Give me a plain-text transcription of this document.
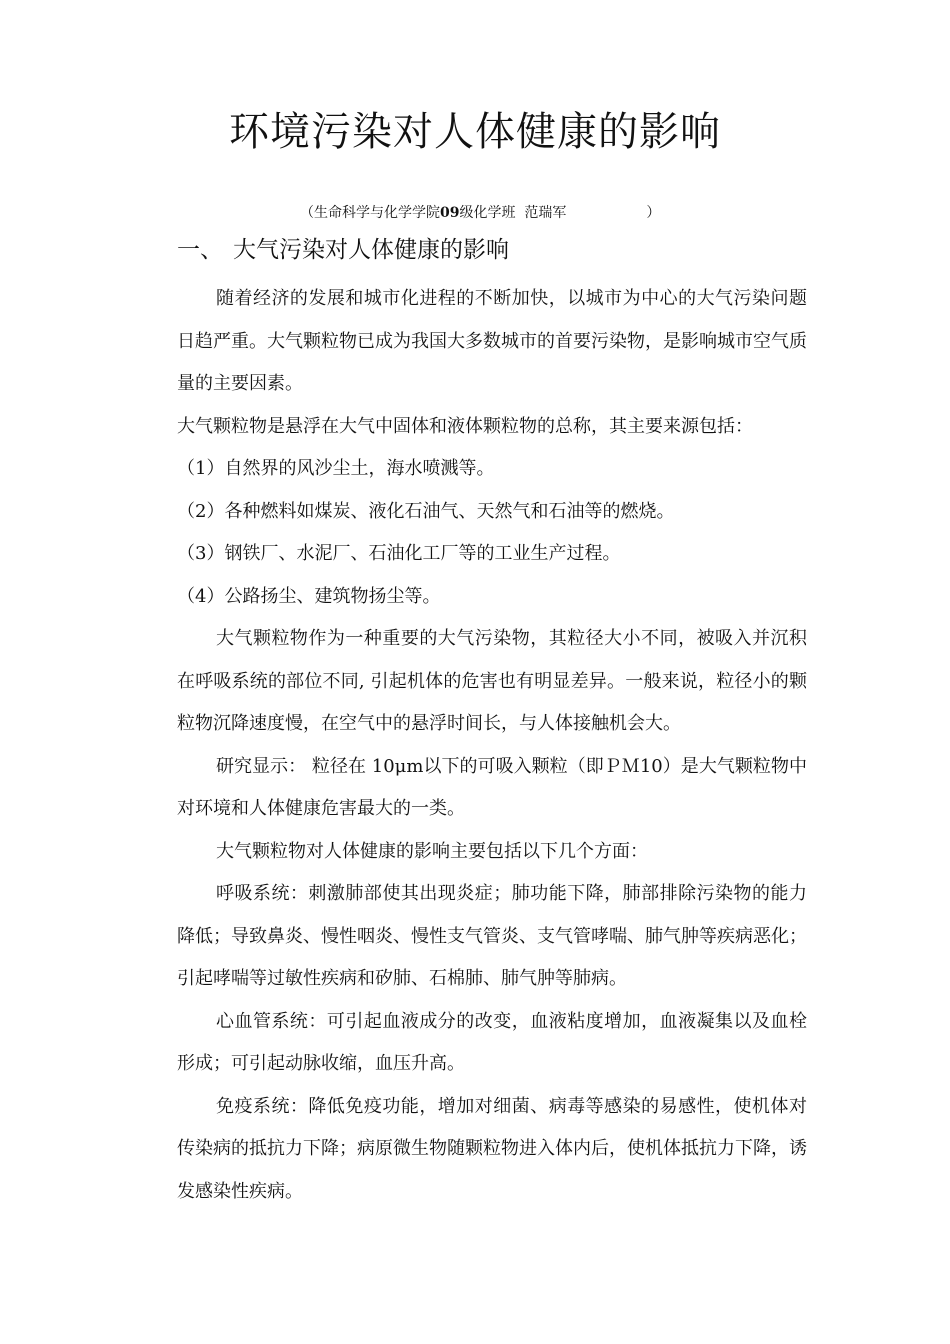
环境污染对人体健康的影响
（生命科学与化学学院09级化学班  范瑞军	）
一、 大气污染对人体健康的影响

随着经济的发展和城市化进程的不断加快，以城市为中心的大气污染问题日趋严重。大气颗粒物已成为我国大多数城市的首要污染物，是影响城市空气质量的主要因素。

大气颗粒物是悬浮在大气中固体和液体颗粒物的总称，其主要来源包括：

（1）自然界的风沙尘土，海水喷溅等。

（2）各种燃料如煤炭、液化石油气、天然气和石油等的燃烧。

（3）钢铁厂、水泥厂、石油化工厂等的工业生产过程。

（4）公路扬尘、建筑物扬尘等。

大气颗粒物作为一种重要的大气污染物，其粒径大小不同，被吸入并沉积在呼吸系统的部位不同, 引起机体的危害也有明显差异。一般来说，粒径小的颗粒物沉降速度慢，在空气中的悬浮时间长，与人体接触机会大。

研究显示： 粒径在 10μm以下的可吸入颗粒（即ＰＭ10）是大气颗粒物中对环境和人体健康危害最大的一类。

大气颗粒物对人体健康的影响主要包括以下几个方面：

呼吸系统：刺激肺部使其出现炎症；肺功能下降，肺部排除污染物的能力降低；导致鼻炎、慢性咽炎、慢性支气管炎、支气管哮喘、肺气肿等疾病恶化；引起哮喘等过敏性疾病和矽肺、石棉肺、肺气肿等肺病。

心血管系统：可引起血液成分的改变，血液粘度增加，血液凝集以及血栓形成；可引起动脉收缩，血压升高。

免疫系统：降低免疫功能，增加对细菌、病毒等感染的易感性，使机体对传染病的抵抗力下降；病原微生物随颗粒物进入体内后，使机体抵抗力下降，诱发感染性疾病。
